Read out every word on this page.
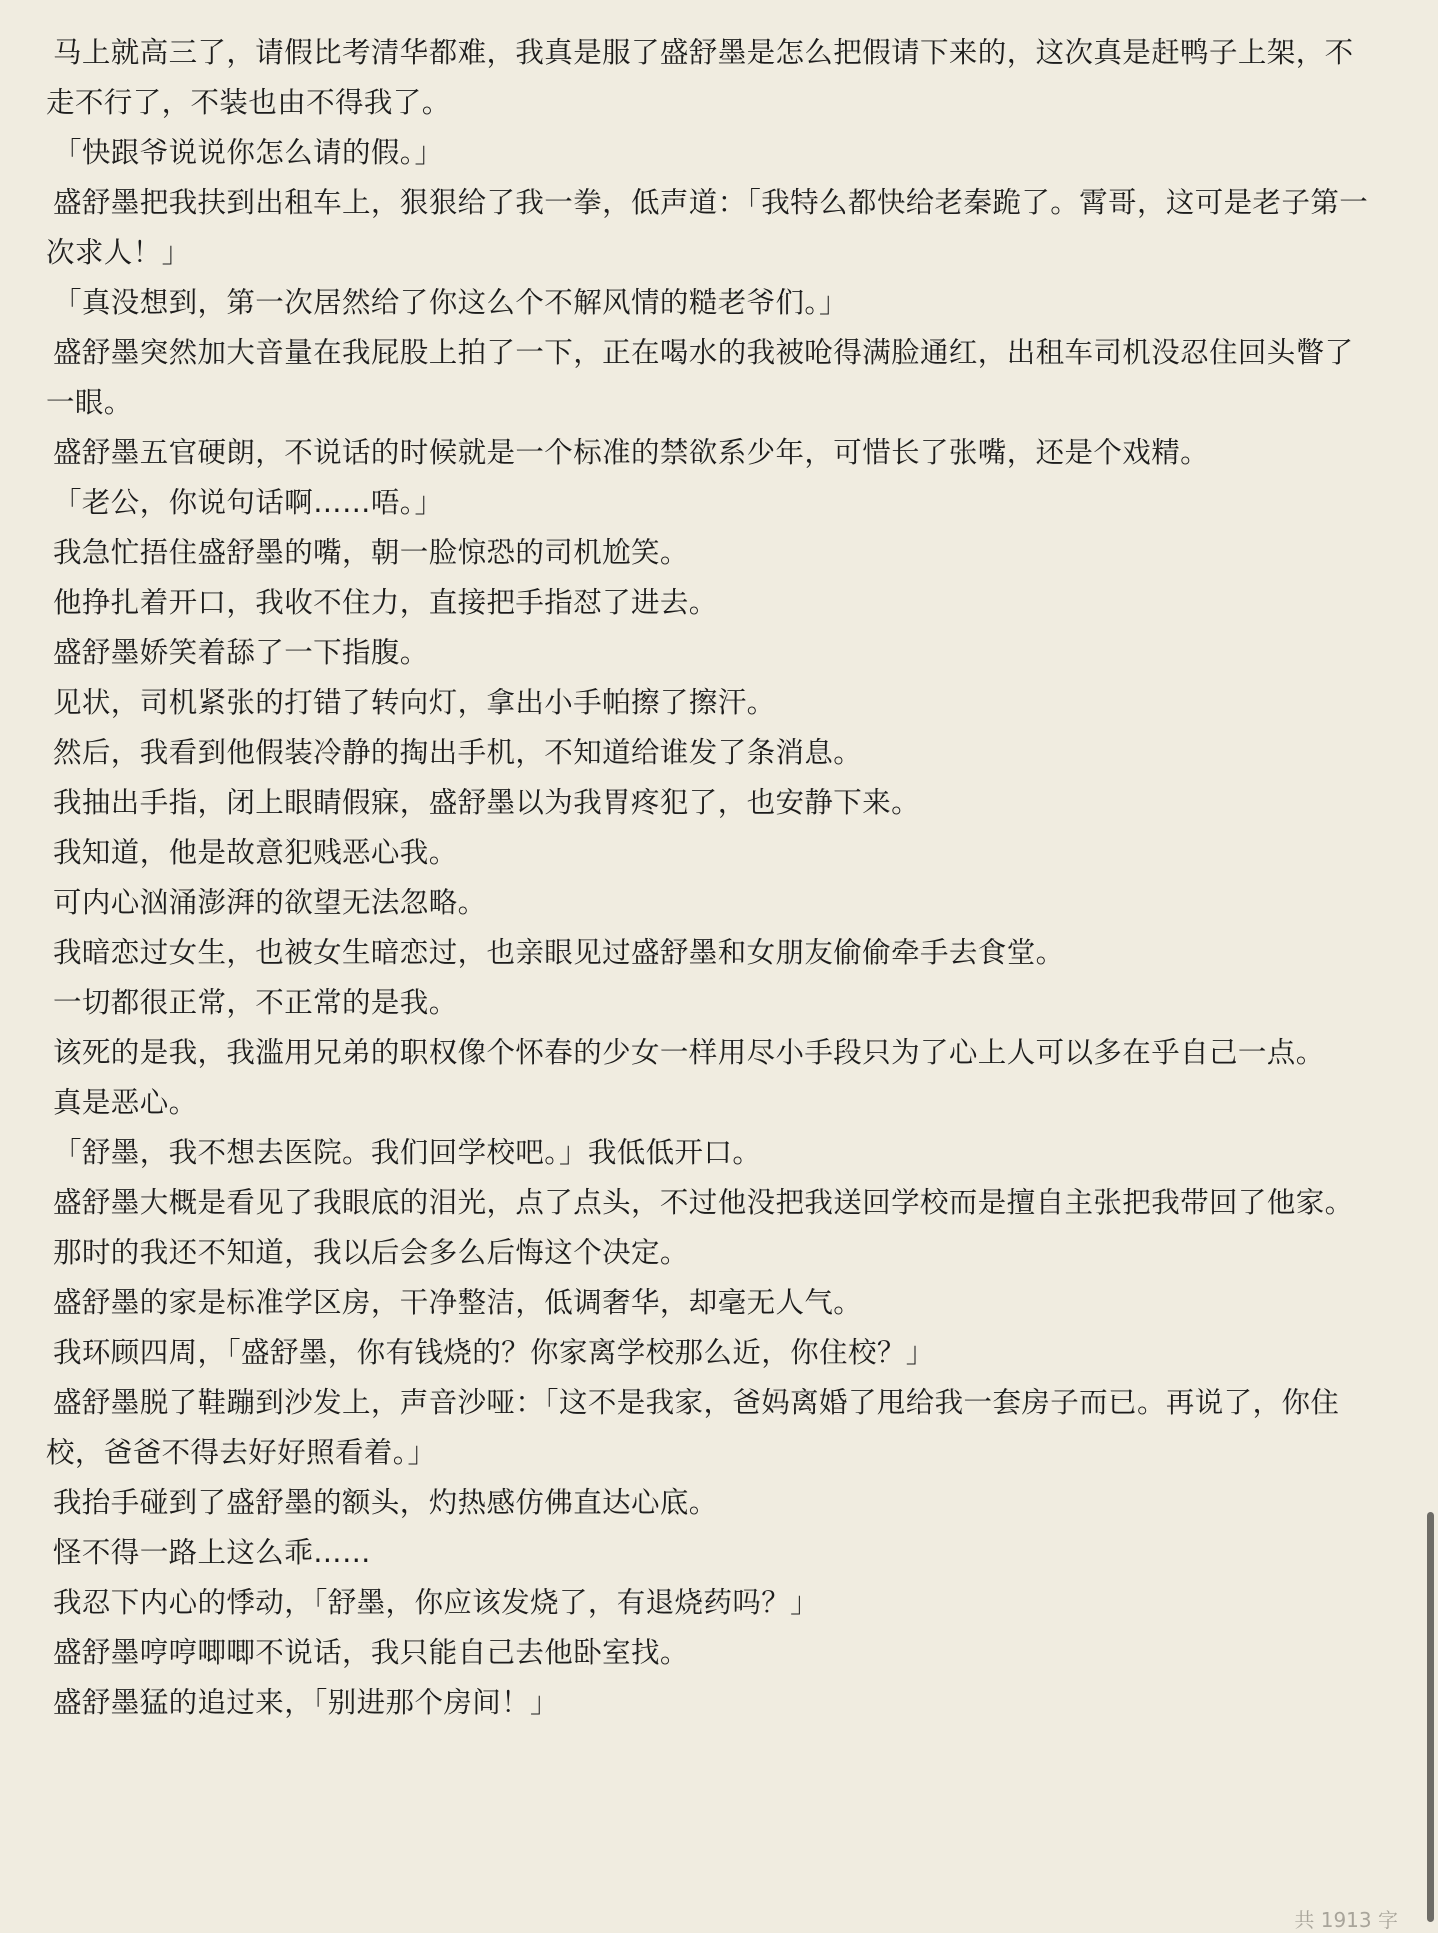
马上就高三了，请假比考清华都难，我真是服了盛舒墨是怎么把假请下来的，这次真是赶鸭子上架，不走不行了，不装也由不得我了。

「快跟爷说说你怎么请的假。」

盛舒墨把我扶到出租车上，狠狠给了我一拳，低声道：「我特么都快给老秦跪了。霄哥，这可是老子第一次求人！」

「真没想到，第一次居然给了你这么个不解风情的糙老爷们。」

盛舒墨突然加大音量在我屁股上拍了一下，正在喝水的我被呛得满脸通红，出租车司机没忍住回头瞥了一眼。

盛舒墨五官硬朗，不说话的时候就是一个标准的禁欲系少年，可惜长了张嘴，还是个戏精。

「老公，你说句话啊……唔。」

我急忙捂住盛舒墨的嘴，朝一脸惊恐的司机尬笑。

他挣扎着开口，我收不住力，直接把手指怼了进去。

盛舒墨娇笑着舔了一下指腹。

见状，司机紧张的打错了转向灯，拿出小手帕擦了擦汗。

然后，我看到他假装冷静的掏出手机，不知道给谁发了条消息。

我抽出手指，闭上眼睛假寐，盛舒墨以为我胃疼犯了，也安静下来。

我知道，他是故意犯贱恶心我。

可内心汹涌澎湃的欲望无法忽略。

我暗恋过女生，也被女生暗恋过，也亲眼见过盛舒墨和女朋友偷偷牵手去食堂。

一切都很正常，不正常的是我。

该死的是我，我滥用兄弟的职权像个怀春的少女一样用尽小手段只为了心上人可以多在乎自己一点。

真是恶心。

「舒墨，我不想去医院。我们回学校吧。」我低低开口。

盛舒墨大概是看见了我眼底的泪光，点了点头，不过他没把我送回学校而是擅自主张把我带回了他家。

那时的我还不知道，我以后会多么后悔这个决定。

盛舒墨的家是标准学区房，干净整洁，低调奢华，却毫无人气。

我环顾四周，「盛舒墨，你有钱烧的？你家离学校那么近，你住校？」

盛舒墨脱了鞋蹦到沙发上，声音沙哑：「这不是我家，爸妈离婚了甩给我一套房子而已。再说了，你住校，爸爸不得去好好照看着。」

我抬手碰到了盛舒墨的额头，灼热感仿佛直达心底。

怪不得一路上这么乖……

我忍下内心的悸动，「舒墨，你应该发烧了，有退烧药吗？」

盛舒墨哼哼唧唧不说话，我只能自己去他卧室找。

盛舒墨猛的追过来，「别进那个房间！」

共 1913 字
